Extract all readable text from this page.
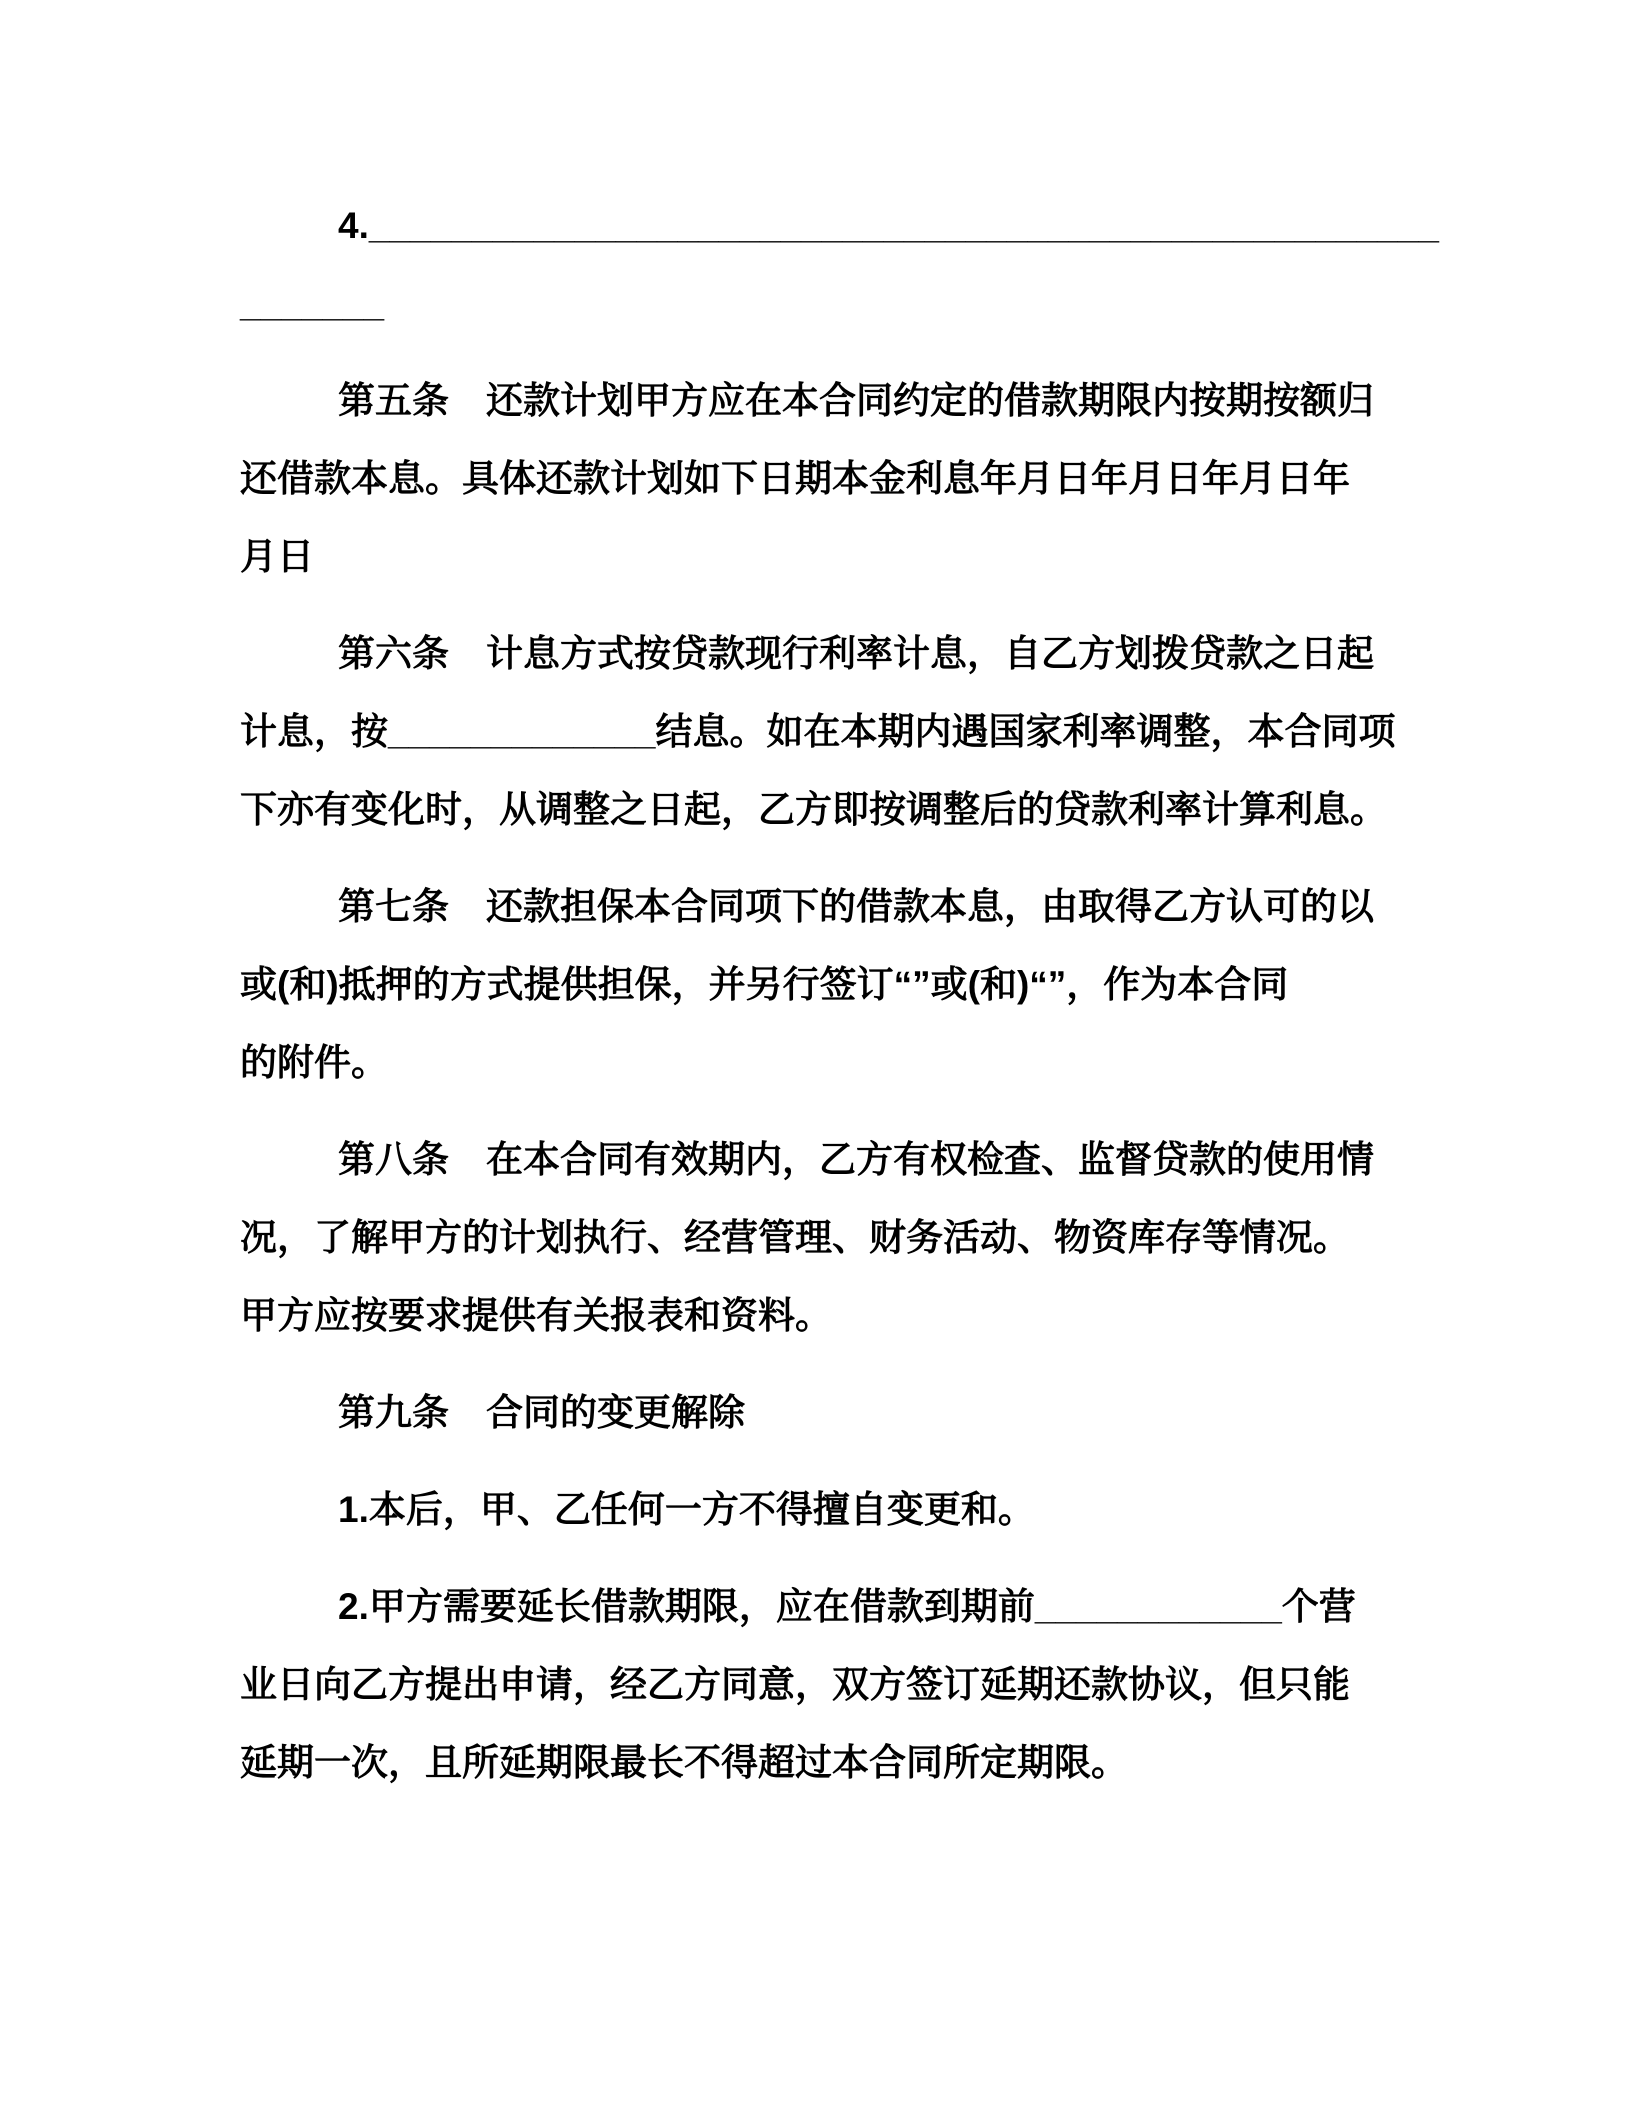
4.____________________________________________________
_______
第五条　还款计划甲方应在本合同约定的借款期限内按期按额归
还借款本息。具体还款计划如下日期本金利息年月日年月日年月日年
月日
第六条　计息方式按贷款现行利率计息，自乙方划拨贷款之日起
计息，按_____________结息。如在本期内遇国家利率调整，本合同项
下亦有变化时，从调整之日起，乙方即按调整后的贷款利率计算利息。
第七条　还款担保本合同项下的借款本息，由取得乙方认可的以
或(和)抵押的方式提供担保，并另行签订“”或(和)“”，作为本合同
的附件。
第八条　在本合同有效期内，乙方有权检查、监督贷款的使用情
况，了解甲方的计划执行、经营管理、财务活动、物资库存等情况。
甲方应按要求提供有关报表和资料。
第九条　合同的变更解除
1.本后，甲、乙任何一方不得擅自变更和。
2.甲方需要延长借款期限，应在借款到期前____________个营
业日向乙方提出申请，经乙方同意，双方签订延期还款协议，但只能
延期一次，且所延期限最长不得超过本合同所定期限。
